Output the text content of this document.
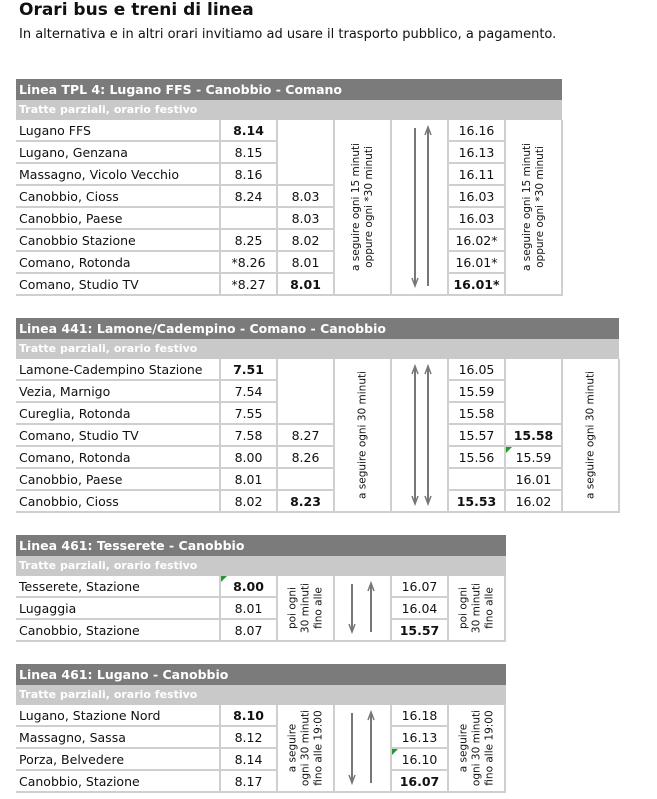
Orari bus e treni di linea
In alternativa e in altri orari invitiamo ad usare il trasporto pubblico, a pagamento.
Linea TPL 4: Lugano FFS - Canobbio - Comano
Tratte parziali, orario festivo
Lugano FFS
Lugano, Genzana
Massagno, Vicolo Vecchio
Canobbio, Cioss
Canobbio, Paese
Canobbio Stazione
Comano, Rotonda
Comano, Studio TV
8.14
8.15
8.16
8.24
8.25
*8.26
*8.27
8.03
8.03
8.02
8.01
8.01
a seguire ogni 15 minuti
oppure ogni *30 minuti
16.16
16.13
16.11
16.03
16.03
16.02*
16.01*
16.01*
a seguire ogni 15 minuti
oppure ogni *30 minuti
Linea 441: Lamone/Cadempino - Comano - Canobbio
Tratte parziali, orario festivo
Lamone-Cadempino Stazione
Vezia, Marnigo
Cureglia, Rotonda
Comano, Studio TV
Comano, Rotonda
Canobbio, Paese
Canobbio, Cioss
7.51
7.54
7.55
7.58
8.00
8.01
8.02
8.27
8.26
8.23
a seguire ogni 30 minuti
16.05
15.59
15.58
15.57
15.56
15.53
15.58
15.59
16.01
16.02
a seguire ogni 30 minuti
Linea 461: Tesserete - Canobbio
Tratte parziali, orario festivo
Tesserete, Stazione
Lugaggia
Canobbio, Stazione
8.00
8.01
8.07
poi ogni
30 minuti
fino alle
16.07
16.04
15.57
poi ogni
30 minuti
fino alle
Linea 461: Lugano - Canobbio
Tratte parziali, orario festivo
Lugano, Stazione Nord
Massagno, Sassa
Porza, Belvedere
Canobbio, Stazione
8.10
8.12
8.14
8.17
a seguire
ogni 30 minuti
fino alle 19:00	16.18
16.13
16.10
16.07
a seguire
ogni 30 minuti
fino alle 19:00
